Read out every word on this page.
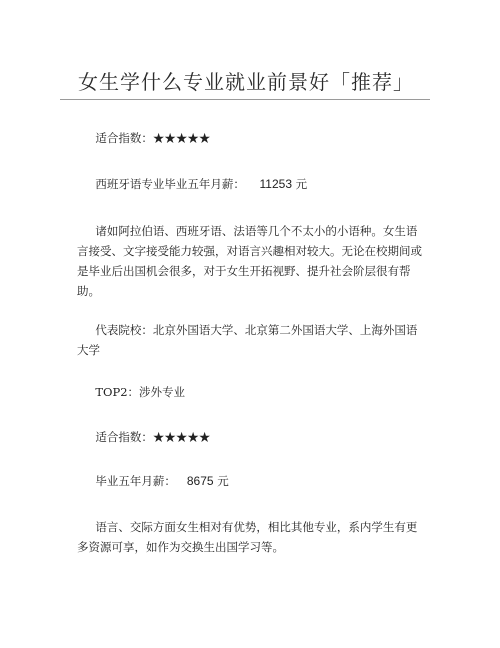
女生学什么专业就业前景好「推荐」

适合指数：★★★★★

西班牙语专业毕业五年月薪： 11253 元

诸如阿拉伯语、西班牙语、法语等几个不太小的小语种。女生语言接受、文字接受能力较强，对语言兴趣相对较大。无论在校期间或是毕业后出国机会很多，对于女生开拓视野、提升社会阶层很有帮助。

代表院校：北京外国语大学、北京第二外国语大学、上海外国语大学

TOP2：涉外专业

适合指数：★★★★★

毕业五年月薪： 8675 元

语言、交际方面女生相对有优势，相比其他专业，系内学生有更多资源可享，如作为交换生出国学习等。
